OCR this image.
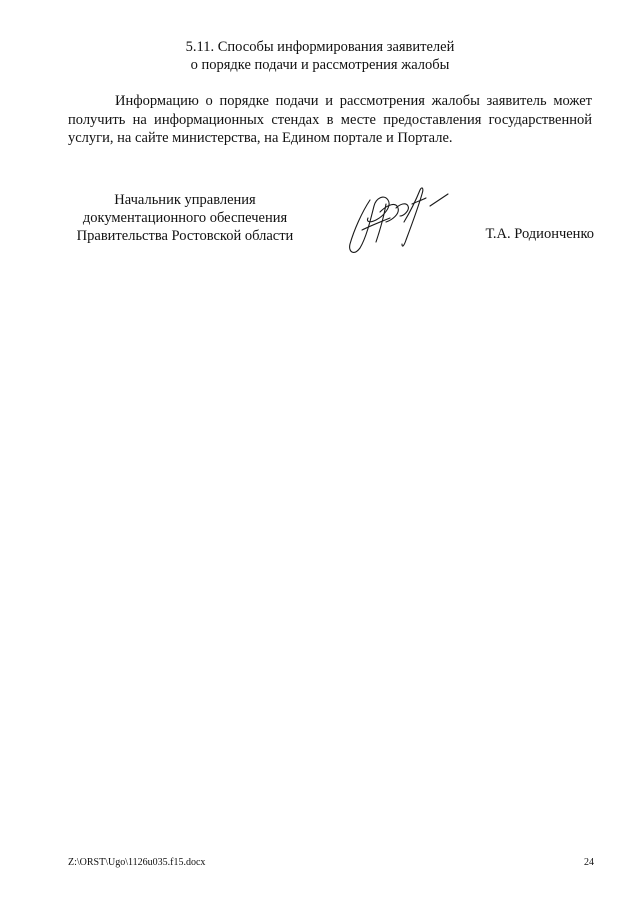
5.11. Способы информирования заявителей
о порядке подачи и рассмотрения жалобы
Информацию о порядке подачи и рассмотрения жалобы заявитель может
получить на информационных стендах в месте предоставления государственной
услуги, на сайте министерства, на Едином портале и Портале.
Начальник управления
документационного обеспечения
Правительства Ростовской области	Т.А. Родионченко
Z:\ORST\Ugo\1126u035.f15.docx	24
